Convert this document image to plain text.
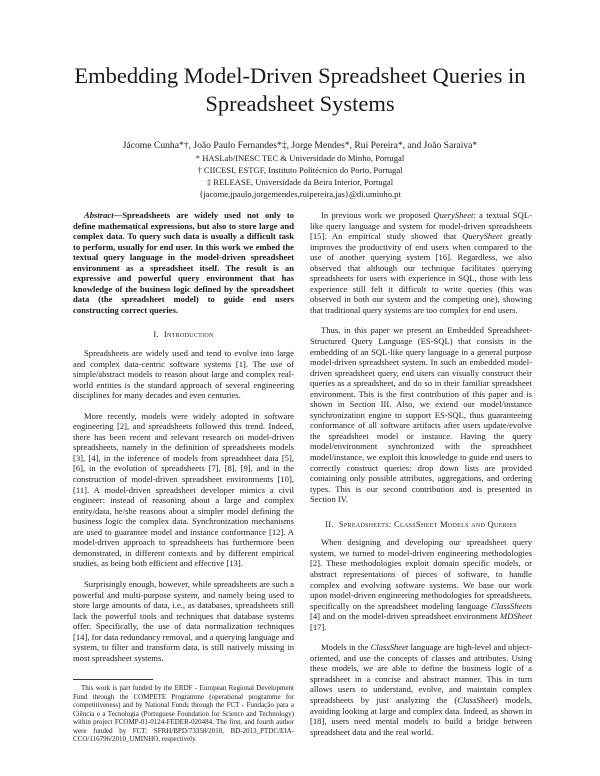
Embedding Model-Driven Spreadsheet Queries in Spreadsheet Systems
Jácome Cunha*†, João Paulo Fernandes*‡, Jorge Mendes*, Rui Pereira*, and João Saraiva*
* HASLab/INESC TEC & Universidade do Minho, Portugal
† CIICESI, ESTGF, Instituto Politécnico do Porto, Portugal
‡ RELEASE, Universidade da Beira Interior, Portugal
{jacome,jpaulo,jorgemendes,ruipereira,jas}@di.uminho.pt

Abstract—Spreadsheets are widely used not only to define mathematical expressions, but also to store large and complex data. To query such data is usually a difficult task to perform, usually for end user. In this work we embed the textual query language in the model-driven spreadsheet environment as a spreadsheet itself. The result is an expressive and powerful query environment that has knowledge of the business logic defined by the spreadsheet data (the spreadsheet model) to guide end users constructing correct queries.

I. Introduction

Spreadsheets are widely used and tend to evolve into large and complex data-centric software systems [1]. The use of simple/abstract models to reason about large and complex real-world entities is the standard approach of several engineering disciplines for many decades and even centuries.

More recently, models were widely adopted in software engineering [2], and spreadsheets followed this trend. Indeed, there has been recent and relevant research on model-driven spreadsheets, namely in the definition of spreadsheets models [3], [4], in the inference of models from spreadsheet data [5], [6], in the evolution of spreadsheets [7], [8], [9], and in the construction of model-driven spreadsheet environments [10], [11]. A model-driven spreadsheet developer mimics a civil engineer: instead of reasoning about a large and complex entity/data, he/she reasons about a simpler model defining the business logic the complex data. Synchronization mechanisms are used to guarantee model and instance conformance [12]. A model-driven approach to spreadsheets has furthermore been demonstrated, in different contexts and by different empirical studies, as being both efficient and effective [13].

Surprisingly enough, however, while spreadsheets are such a powerful and multi-purpose system, and namely being used to store large amounts of data, i.e., as databases, spreadsheets still lack the powerful tools and techniques that database systems offer. Specifically, the use of data normalization techniques [14], for data redundancy removal, and a querying language and system, to filter and transform data, is still natively missing in most spreadsheet systems.

This work is part funded by the ERDF - European Regional Development Fund through the COMPETE Programme (operational programme for competitiveness) and by National Funds through the FCT - Fundação para a Ciência e a Tecnologia (Portuguese Foundation for Science and Technology) within project FCOMP-01-0124-FEDER-020484. The first, and fourth author were funded by FCT: SFRH/BPD/73358/2010, BD-2013_PTDC/EIA-CCO/116796/2010_UMINHO, respectively.

In previous work we proposed QuerySheet: a textual SQL-like query language and system for model-driven spreadsheets [15]. An empirical study showed that QuerySheet greatly improves the productivity of end users when compared to the use of another querying system [16]. Regardless, we also observed that although our technique facilitates querying spreadsheets for users with experience in SQL, those with less experience still felt it difficult to write queries (this was observed in both our system and the competing one), showing that traditional query systems are too complex for end users.

Thus, in this paper we present an Embedded Spreadsheet-Structured Query Language (ES-SQL) that consists in the embedding of an SQL-like query language in a general purpose model-driven spreadsheet system. In such an embedded model-driven spreadsheet query, end users can visually construct their queries as a spreadsheet, and do so in their familiar spreadsheet environment. This is the first contribution of this paper and is shown in Section III. Also, we extend our model/instance synchronization engine to support ES-SQL, thus guaranteeing conformance of all software artifacts after users update/evolve the spreadsheet model or instance. Having the query model/environment synchronized with the spreadsheet model/instance, we exploit this knowledge to guide end users to correctly construct queries: drop down lists are provided containing only possible attributes, aggregations, and ordering types. This is our second contribution and is presented in Section IV.

II. Spreadsheets: ClassSheet Models and Queries

When designing and developing our spreadsheet query system, we turned to model-driven engineering methodologies [2]. These methodologies exploit domain specific models, or abstract representations of pieces of software, to handle complex and evolving software systems. We base our work upon model-driven engineering methodologies for spreadsheets, specifically on the spreadsheet modeling language ClassSheets [4] and on the model-driven spreadsheet environment MDSheet [17].

Models in the ClassSheet language are high-level and object-oriented, and use the concepts of classes and attributes. Using these models, we are able to define the business logic of a spreadsheet in a concise and abstract manner. This in turn allows users to understand, evolve, and maintain complex spreadsheets by just analyzing the (ClassSheet) models, avoiding looking at large and complex data. Indeed, as shown in [18], users need mental models to build a bridge between spreadsheet data and the real world.
